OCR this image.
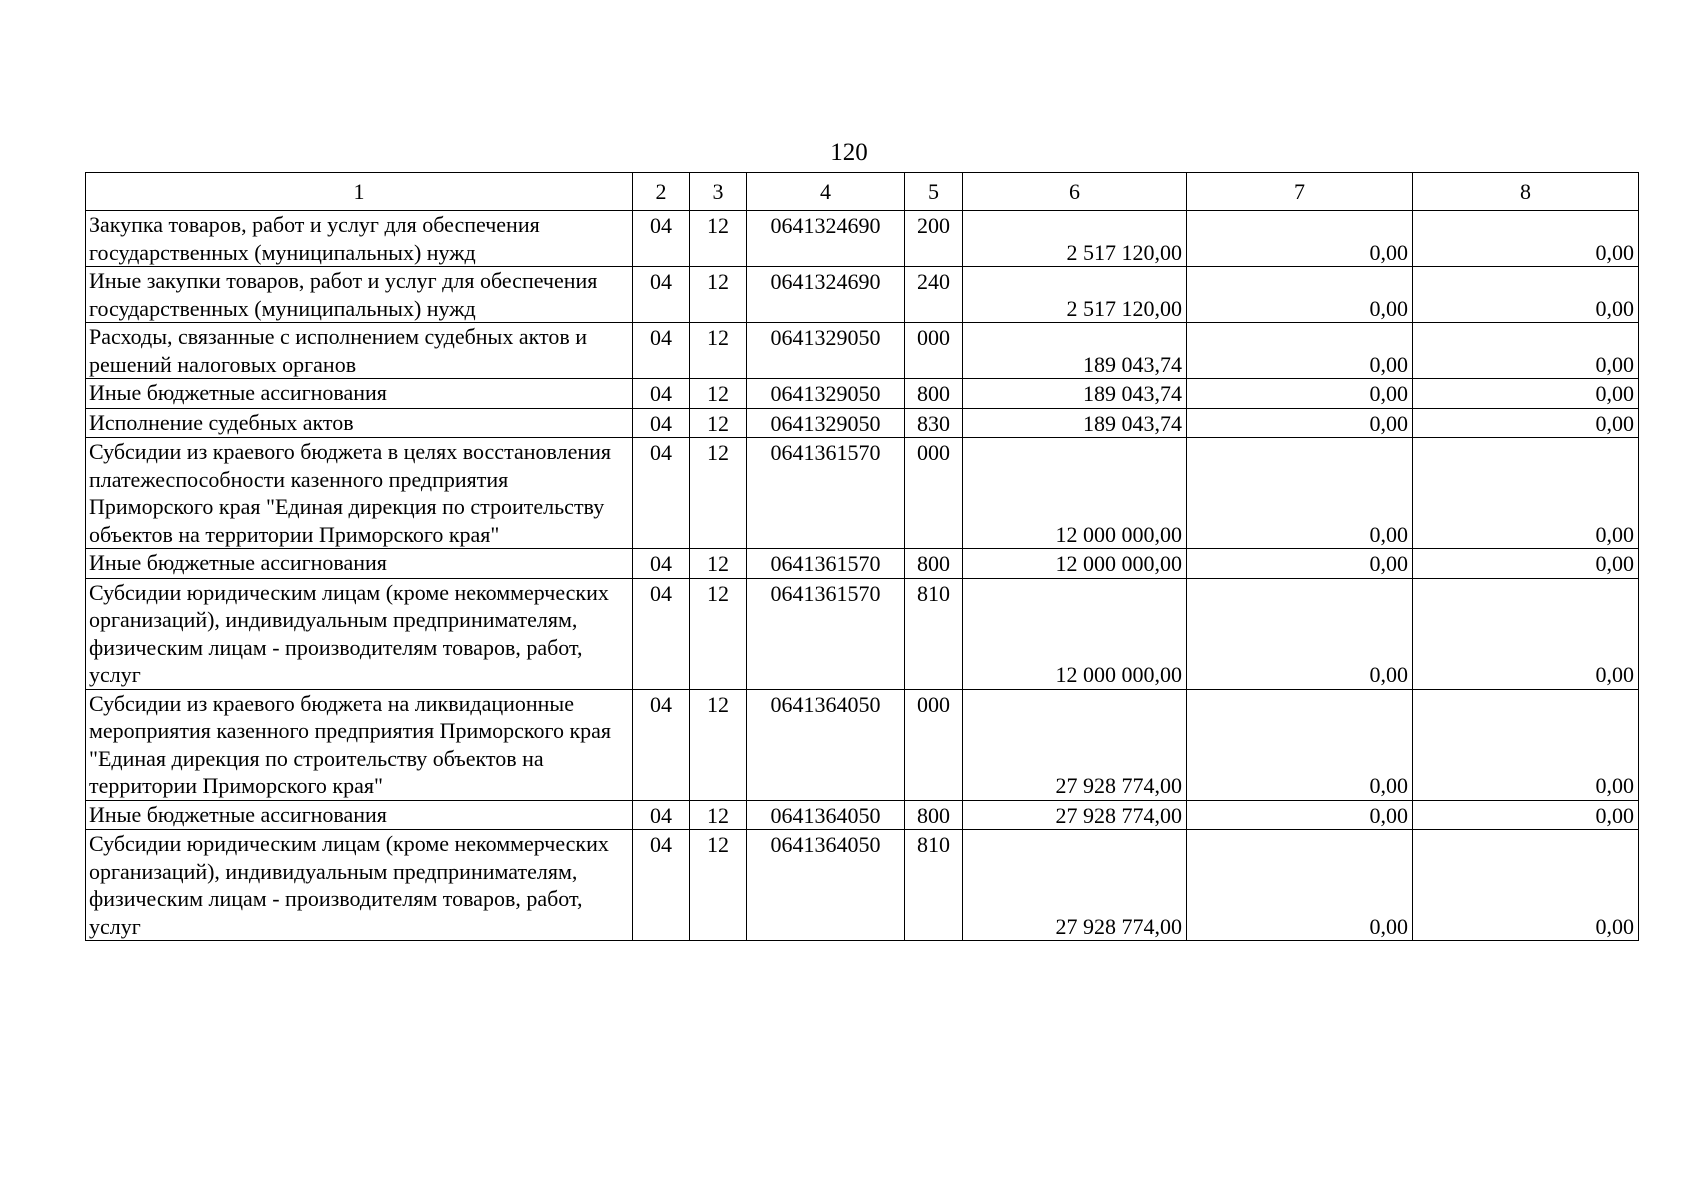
120
1	2	3	4	5	6	7	8
Закупка товаров, работ и услуг для обеспечения государственных (муниципальных) нужд	04	12	0641324690	200	2 517 120,00	0,00	0,00
Иные закупки товаров, работ и услуг для обеспечения государственных (муниципальных) нужд	04	12	0641324690	240	2 517 120,00	0,00	0,00
Расходы, связанные с исполнением судебных актов и решений налоговых органов	04	12	0641329050	000	189 043,74	0,00	0,00
Иные бюджетные ассигнования	04	12	0641329050	800	189 043,74	0,00	0,00
Исполнение судебных актов	04	12	0641329050	830	189 043,74	0,00	0,00
Субсидии из краевого бюджета в целях восстановления платежеспособности казенного предприятия Приморского края "Единая дирекция по строительству объектов на территории Приморского края"	04	12	0641361570	000	12 000 000,00	0,00	0,00
Иные бюджетные ассигнования	04	12	0641361570	800	12 000 000,00	0,00	0,00
Субсидии юридическим лицам (кроме некоммерческих организаций), индивидуальным предпринимателям, физическим лицам - производителям товаров, работ, услуг	04	12	0641361570	810	12 000 000,00	0,00	0,00
Субсидии из краевого бюджета на ликвидационные мероприятия казенного предприятия Приморского края "Единая дирекция по строительству объектов на территории Приморского края"	04	12	0641364050	000	27 928 774,00	0,00	0,00
Иные бюджетные ассигнования	04	12	0641364050	800	27 928 774,00	0,00	0,00
Субсидии юридическим лицам (кроме некоммерческих организаций), индивидуальным предпринимателям, физическим лицам - производителям товаров, работ, услуг	04	12	0641364050	810	27 928 774,00	0,00	0,00
